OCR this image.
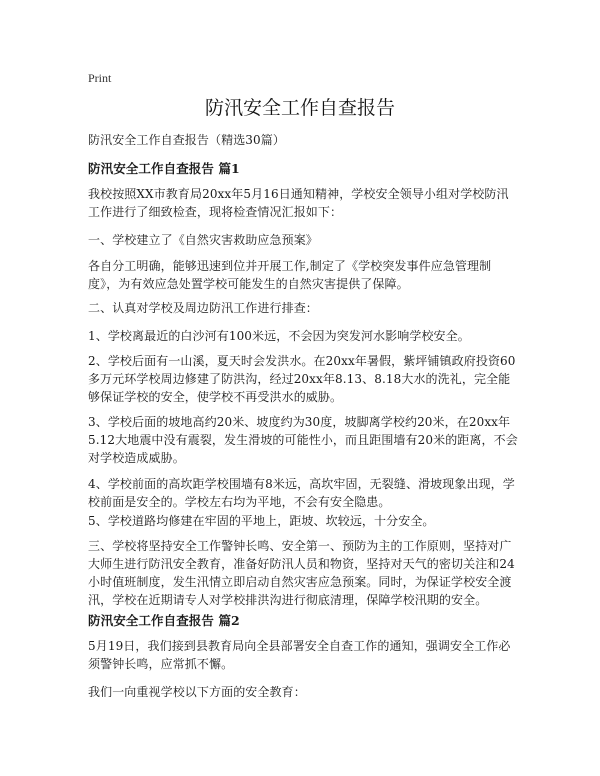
Print
防汛安全工作自查报告
防汛安全工作自查报告（精选30篇）
防汛安全工作自查报告 篇1
我校按照XX市教育局20xx年5月16日通知精神，学校安全领导小组对学校防汛工作进行了细致检查，现将检查情况汇报如下：
一、学校建立了《自然灾害救助应急预案》
各自分工明确，能够迅速到位并开展工作,制定了《学校突发事件应急管理制度》，为有效应急处置学校可能发生的自然灾害提供了保障。
二、认真对学校及周边防汛工作进行排查：
1、学校离最近的白沙河有100米远，不会因为突发河水影响学校安全。
2、学校后面有一山溪，夏天时会发洪水。在20xx年暑假，紫坪铺镇政府投资60多万元环学校周边修建了防洪沟，经过20xx年8.13、8.18大水的洗礼，完全能够保证学校的安全，使学校不再受洪水的威胁。
3、学校后面的坡地高约20米、坡度约为30度，坡脚离学校约20米，在20xx年5.12大地震中没有震裂，发生滑坡的可能性小，而且距围墙有20米的距离，不会对学校造成威胁。
4、学校前面的高坎距学校围墙有8米远，高坎牢固，无裂缝、滑坡现象出现，学校前面是安全的。学校左右均为平地，不会有安全隐患。
5、学校道路均修建在牢固的平地上，距坡、坎较远，十分安全。
三、学校将坚持安全工作警钟长鸣、安全第一、预防为主的工作原则，坚持对广大师生进行防汛安全教育，准备好防汛人员和物资，坚持对天气的密切关注和24小时值班制度，发生汛情立即启动自然灾害应急预案。同时，为保证学校安全渡汛，学校在近期请专人对学校排洪沟进行彻底清理，保障学校汛期的安全。
防汛安全工作自查报告 篇2
5月19日，我们接到县教育局向全县部署安全自查工作的通知，强调安全工作必须警钟长鸣，应常抓不懈。
我们一向重视学校以下方面的安全教育：
